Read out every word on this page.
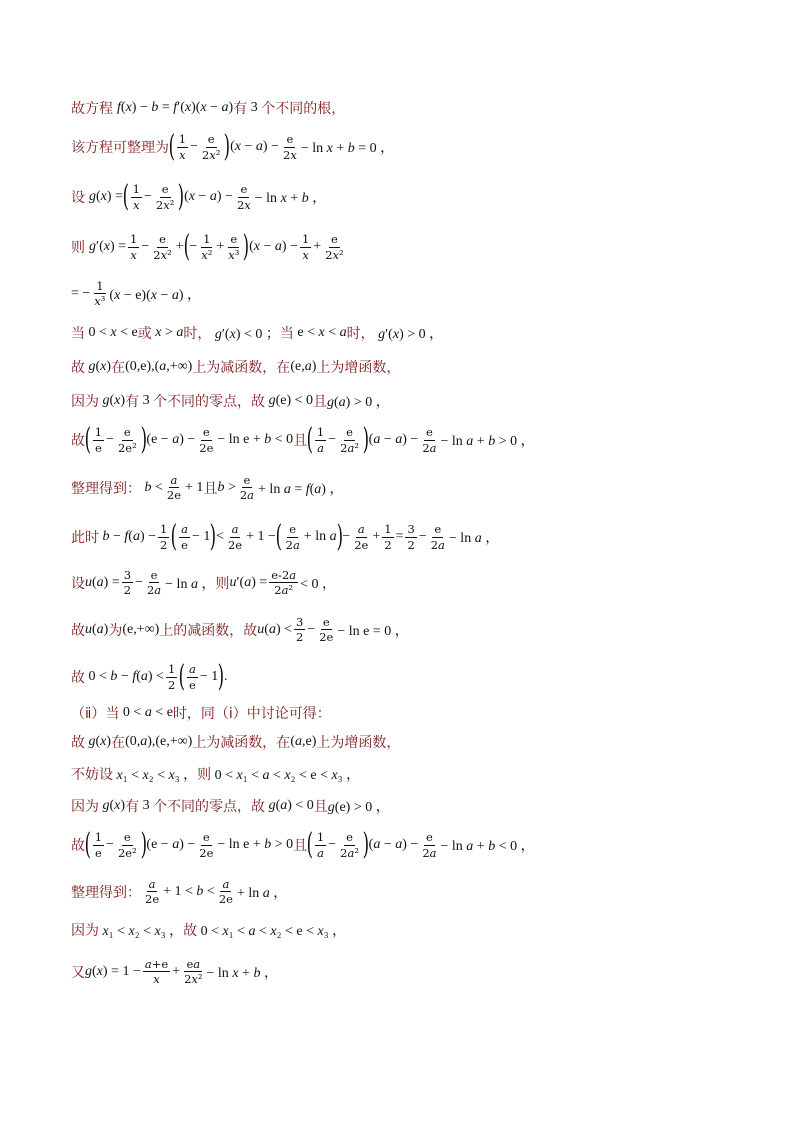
故方程 f(x) − b = f′(x)(x − a) 有 3 个不同的根，
该方程可整理为 ( $\frac{1}{x} - \frac{e}{\text{2x²}}$ ) $(x - a) - \frac{e}{2x} - \ln x + b = 0$ ，
设 g(x) = ( $\frac{1}{x} - \frac{e}{\text{2x²}}$ ) $(x - a) - \frac{e}{2x} - \ln x + b$ ，
则 $g'(x) = \frac{1}{x} - \frac{e}{\text{2x²}}$ + ( − $\frac{1}{\text{x²}} + \frac{e}{\text{x³}}$ ) $(x - a) - \frac{1}{x} + \frac{e}{\text{2x²}}$
= − $\frac{1}{\text{x³}} (x - e)(x - a)$ ，
当 0 < x < e 或 x > a 时， g′(x) < 0 ； 当 e < x < a 时， g′(x) > 0 ，
故 g(x) 在 (0,e),(a,+∞) 上为减函数，在 (e,a) 上为增函数，
因为 g(x) 有 3 个不同的零点，故 g(e) < 0 且 g(a) > 0 ，
故 ( $\frac{1}{e} - \frac{e}{\text{2e²}}$ ) $(e - a) - \frac{e}{2e} - \ln e + b < 0$ 且 ( $\frac{1}{a} - \frac{e}{\text{2a²}}$ ) $(a - a) - \frac{e}{2a} - \ln a + b > 0$ ，
整理得到： $b < \frac{a}{2e} + 1$ 且 $b > \frac{e}{2a} + \ln a = f(a)$ ，
此时 $b - f(a) - \frac{1}{2}$ ( $\frac{a}{e} - 1$ ) < $\frac{a}{2e} + 1$ − ( $\frac{e}{2a} + \ln a$ ) − $\frac{a}{2e} + \frac{1}{2} = \frac{3}{2} - \frac{e}{2a} - \ln a$ ，
设 $u(a) = \frac{3}{2} - \frac{e}{2a} - \ln a$ ， 则 $u'(a) = \frac{e-2a}{\text{2a²}} < 0$ ，
故 u(a) 为 (e,+∞) 上的减函数，故 $u(a) < \frac{3}{2} - \frac{e}{2e} - \ln e = 0$ ，
故 $0 < b - f(a) < \frac{1}{2}$ ( $\frac{a}{e} - 1$ ) .
（ⅱ）当 0 < a < e 时，同（ⅰ）中讨论可得：
故 g(x) 在 (0,a),(e,+∞) 上为减函数，在 (a,e) 上为增函数，
不妨设 x₁ < x₂ < x₃ ， 则 0 < x₁ < a < x₂ < e < x₃ ，
因为 g(x) 有 3 个不同的零点，故 g(a) < 0 且 g(e) > 0 ，
故 ( $\frac{1}{e} - \frac{e}{\text{2e²}}$ ) $(e - a) - \frac{e}{2e} - \ln e + b > 0$ 且 ( $\frac{1}{a} - \frac{e}{\text{2a²}}$ ) $(a - a) - \frac{e}{2a} - \ln a + b < 0$ ，
整理得到： $\frac{a}{2e} + 1 < b < \frac{a}{2e} + \ln a$ ，
因为 x₁ < x₂ < x₃ ， 故 0 < x₁ < a < x₂ < e < x₃ ，
又 $g(x) = 1 - \frac{a+e}{x} + \frac{ea}{\text{2x²}} - \ln x + b$ ，
